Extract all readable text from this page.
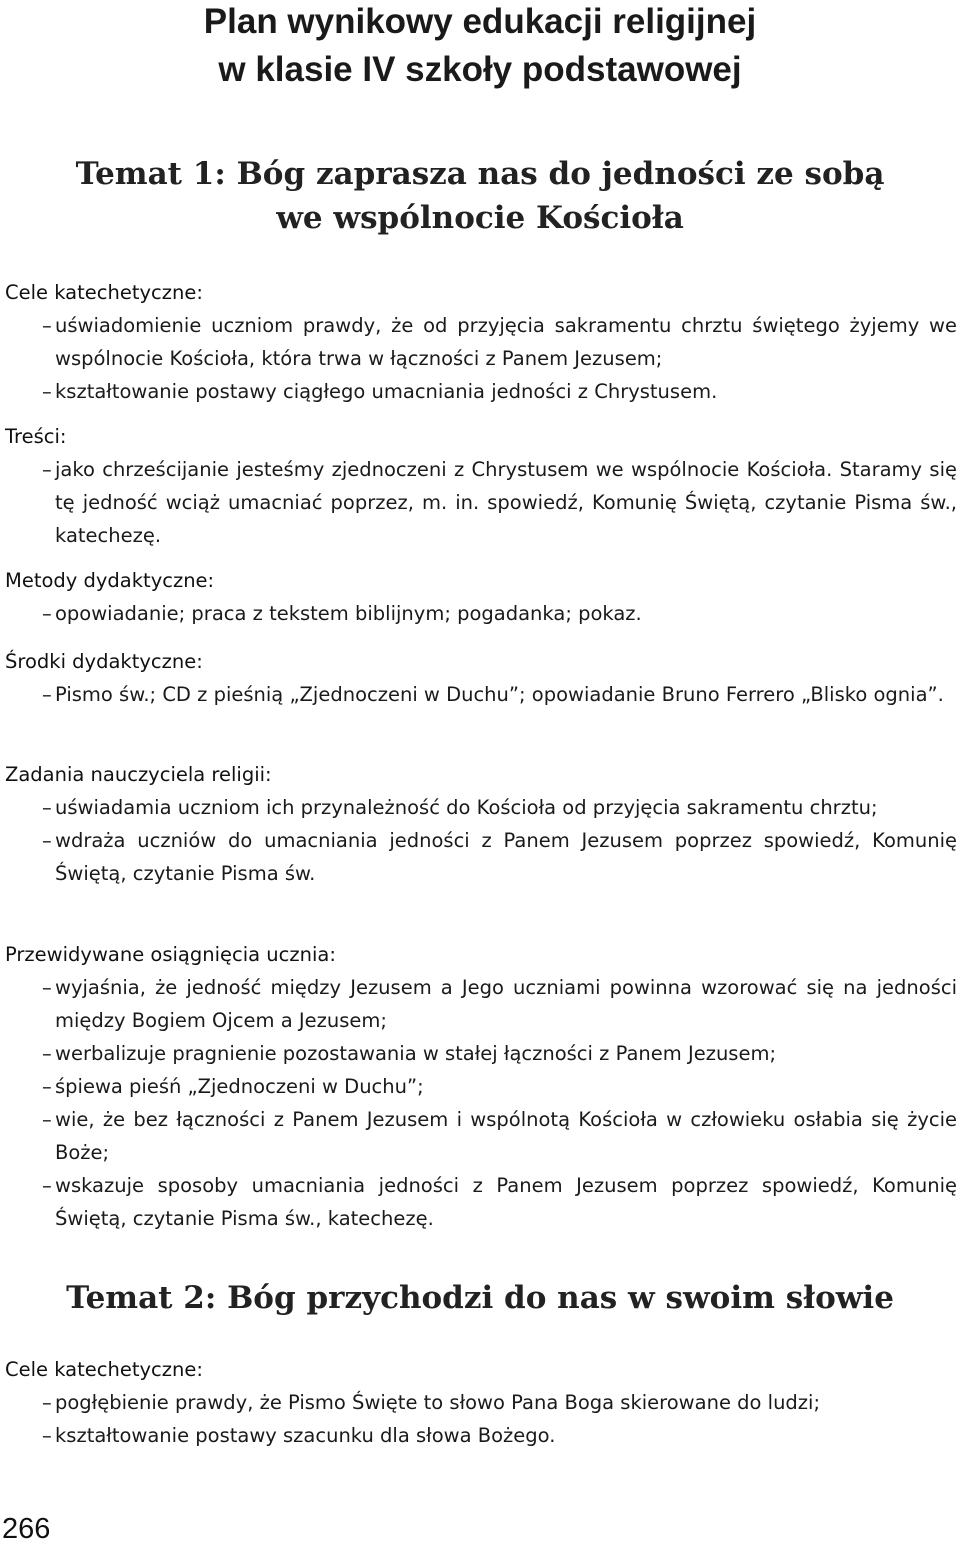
Plan wynikowy edukacji religijnej
w klasie IV szkoły podstawowej
Temat 1: Bóg zaprasza nas do jedności ze sobą
we wspólnocie Kościoła
Cele katechetyczne:
– uświadomienie uczniom prawdy, że od przyjęcia sakramentu chrztu świętego żyjemy we wspólnocie Kościoła, która trwa w łączności z Panem Jezusem;
– kształtowanie postawy ciągłego umacniania jedności z Chrystusem.
Treści:
– jako chrześcijanie jesteśmy zjednoczeni z Chrystusem we wspólnocie Kościoła. Staramy się tę jedność wciąż umacniać poprzez, m. in. spowiedź, Komunię Świętą, czytanie Pisma św., katechezę.
Metody dydaktyczne:
– opowiadanie; praca z tekstem biblijnym; pogadanka; pokaz.
Środki dydaktyczne:
– Pismo św.; CD z pieśnią „Zjednoczeni w Duchu”; opowiadanie Bruno Ferrero „Blisko ognia”.
Zadania nauczyciela religii:
– uświadamia uczniom ich przynależność do Kościoła od przyjęcia sakramentu chrztu;
– wdraża uczniów do umacniania jedności z Panem Jezusem poprzez spowiedź, Komunię Świętą, czytanie Pisma św.
Przewidywane osiągnięcia ucznia:
– wyjaśnia, że jedność między Jezusem a Jego uczniami powinna wzorować się na jedności między Bogiem Ojcem a Jezusem;
– werbalizuje pragnienie pozostawania w stałej łączności z Panem Jezusem;
– śpiewa pieśń „Zjednoczeni w Duchu”;
– wie, że bez łączności z Panem Jezusem i wspólnotą Kościoła w człowieku osłabia się życie Boże;
– wskazuje sposoby umacniania jedności z Panem Jezusem poprzez spowiedź, Komunię Świętą, czytanie Pisma św., katechezę.
Temat 2: Bóg przychodzi do nas w swoim słowie
Cele katechetyczne:
– pogłębienie prawdy, że Pismo Święte to słowo Pana Boga skierowane do ludzi;
– kształtowanie postawy szacunku dla słowa Bożego.
266
